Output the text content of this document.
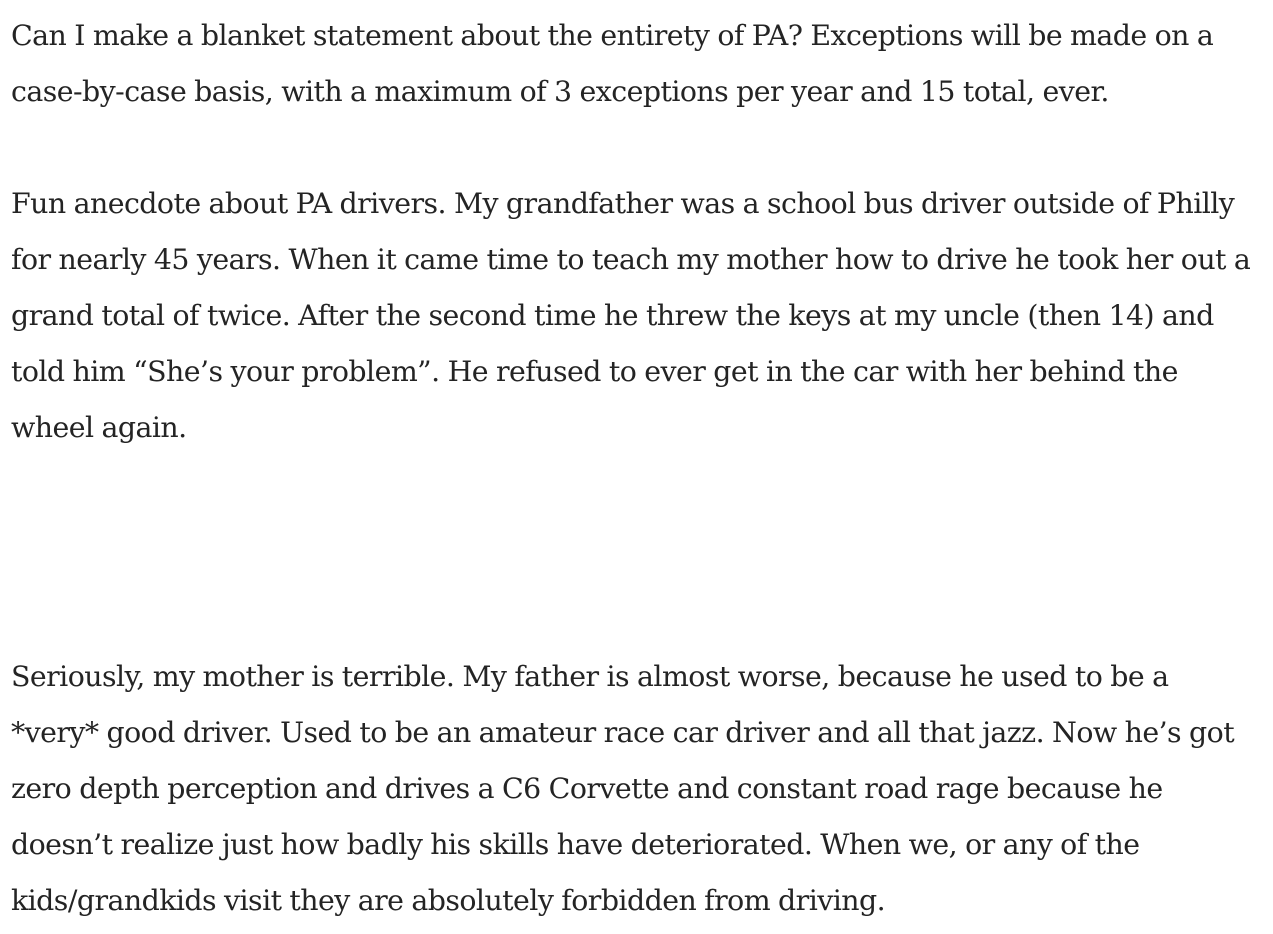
Can I make a blanket statement about the entirety of PA? Exceptions will be made on a
case-by-case basis, with a maximum of 3 exceptions per year and 15 total, ever.

Fun anecdote about PA drivers. My grandfather was a school bus driver outside of Philly
for nearly 45 years. When it came time to teach my mother how to drive he took her out a
grand total of twice. After the second time he threw the keys at my uncle (then 14) and
told him “She’s your problem”. He refused to ever get in the car with her behind the
wheel again.

Seriously, my mother is terrible. My father is almost worse, because he used to be a
*very* good driver. Used to be an amateur race car driver and all that jazz. Now he’s got
zero depth perception and drives a C6 Corvette and constant road rage because he
doesn’t realize just how badly his skills have deteriorated. When we, or any of the
kids/grandkids visit they are absolutely forbidden from driving.
